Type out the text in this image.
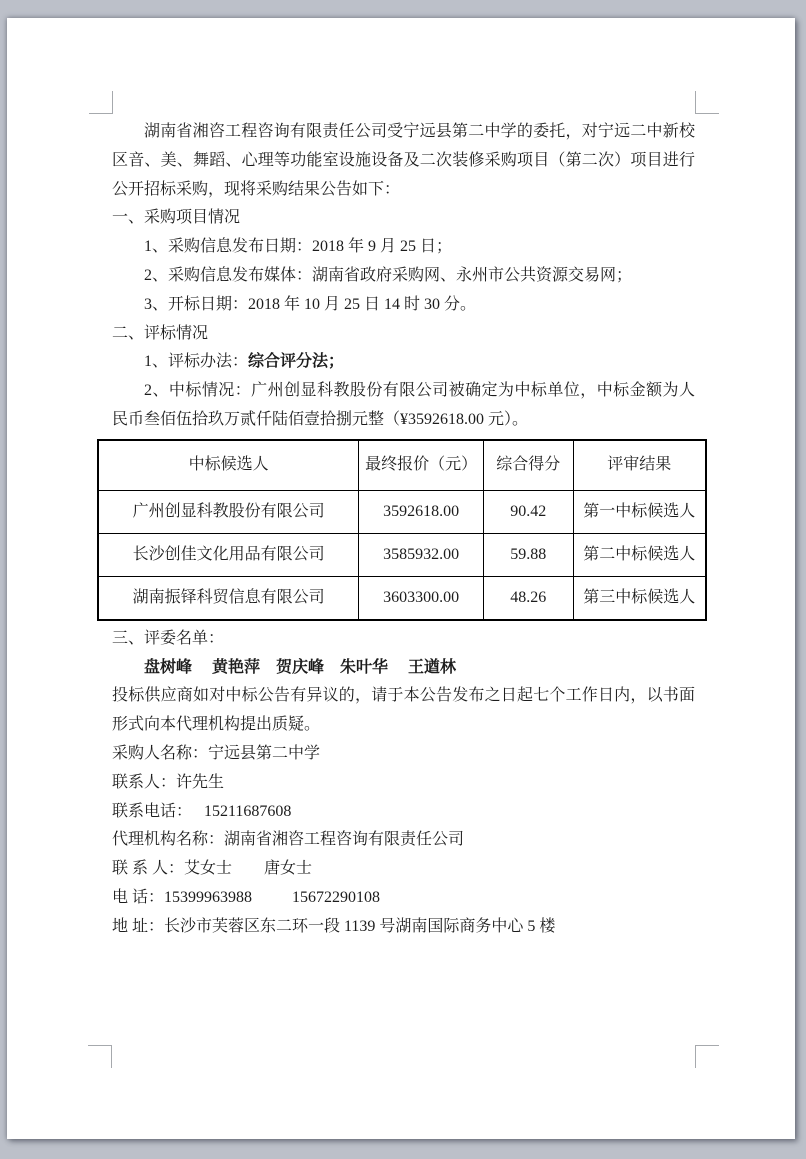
湖南省湘咨工程咨询有限责任公司受宁远县第二中学的委托，对宁远二中新校区音、美、舞蹈、心理等功能室设施设备及二次装修采购项目（第二次）项目进行公开招标采购，现将采购结果公告如下：

一、采购项目情况

1、采购信息发布日期：2018 年 9 月 25 日；

2、采购信息发布媒体：湖南省政府采购网、永州市公共资源交易网；

3、开标日期：2018 年 10 月 25 日 14 时 30 分。

二、评标情况

1、评标办法：综合评分法；

2、中标情况：广州创显科教股份有限公司被确定为中标单位，中标金额为人民币叁佰伍拾玖万贰仟陆佰壹拾捌元整（¥3592618.00 元）。

中标候选人	最终报价（元）	综合得分	评审结果
广州创显科教股份有限公司	3592618.00	90.42	第一中标候选人
长沙创佳文化用品有限公司	3585932.00	59.88	第二中标候选人
湖南振铎科贸信息有限公司	3603300.00	48.26	第三中标候选人

三、评委名单：

盘树峰　 黄艳萍　贺庆峰　朱叶华　 王遒林

投标供应商如对中标公告有异议的，请于本公告发布之日起七个工作日内，以书面形式向本代理机构提出质疑。

采购人名称：宁远县第二中学

联系人：许先生

联系电话：   15211687608

代理机构名称：湖南省湘咨工程咨询有限责任公司

联 系 人：艾女士　　唐女士

电 话：15399963988　　  15672290108

地 址：长沙市芙蓉区东二环一段 1139 号湖南国际商务中心 5 楼
